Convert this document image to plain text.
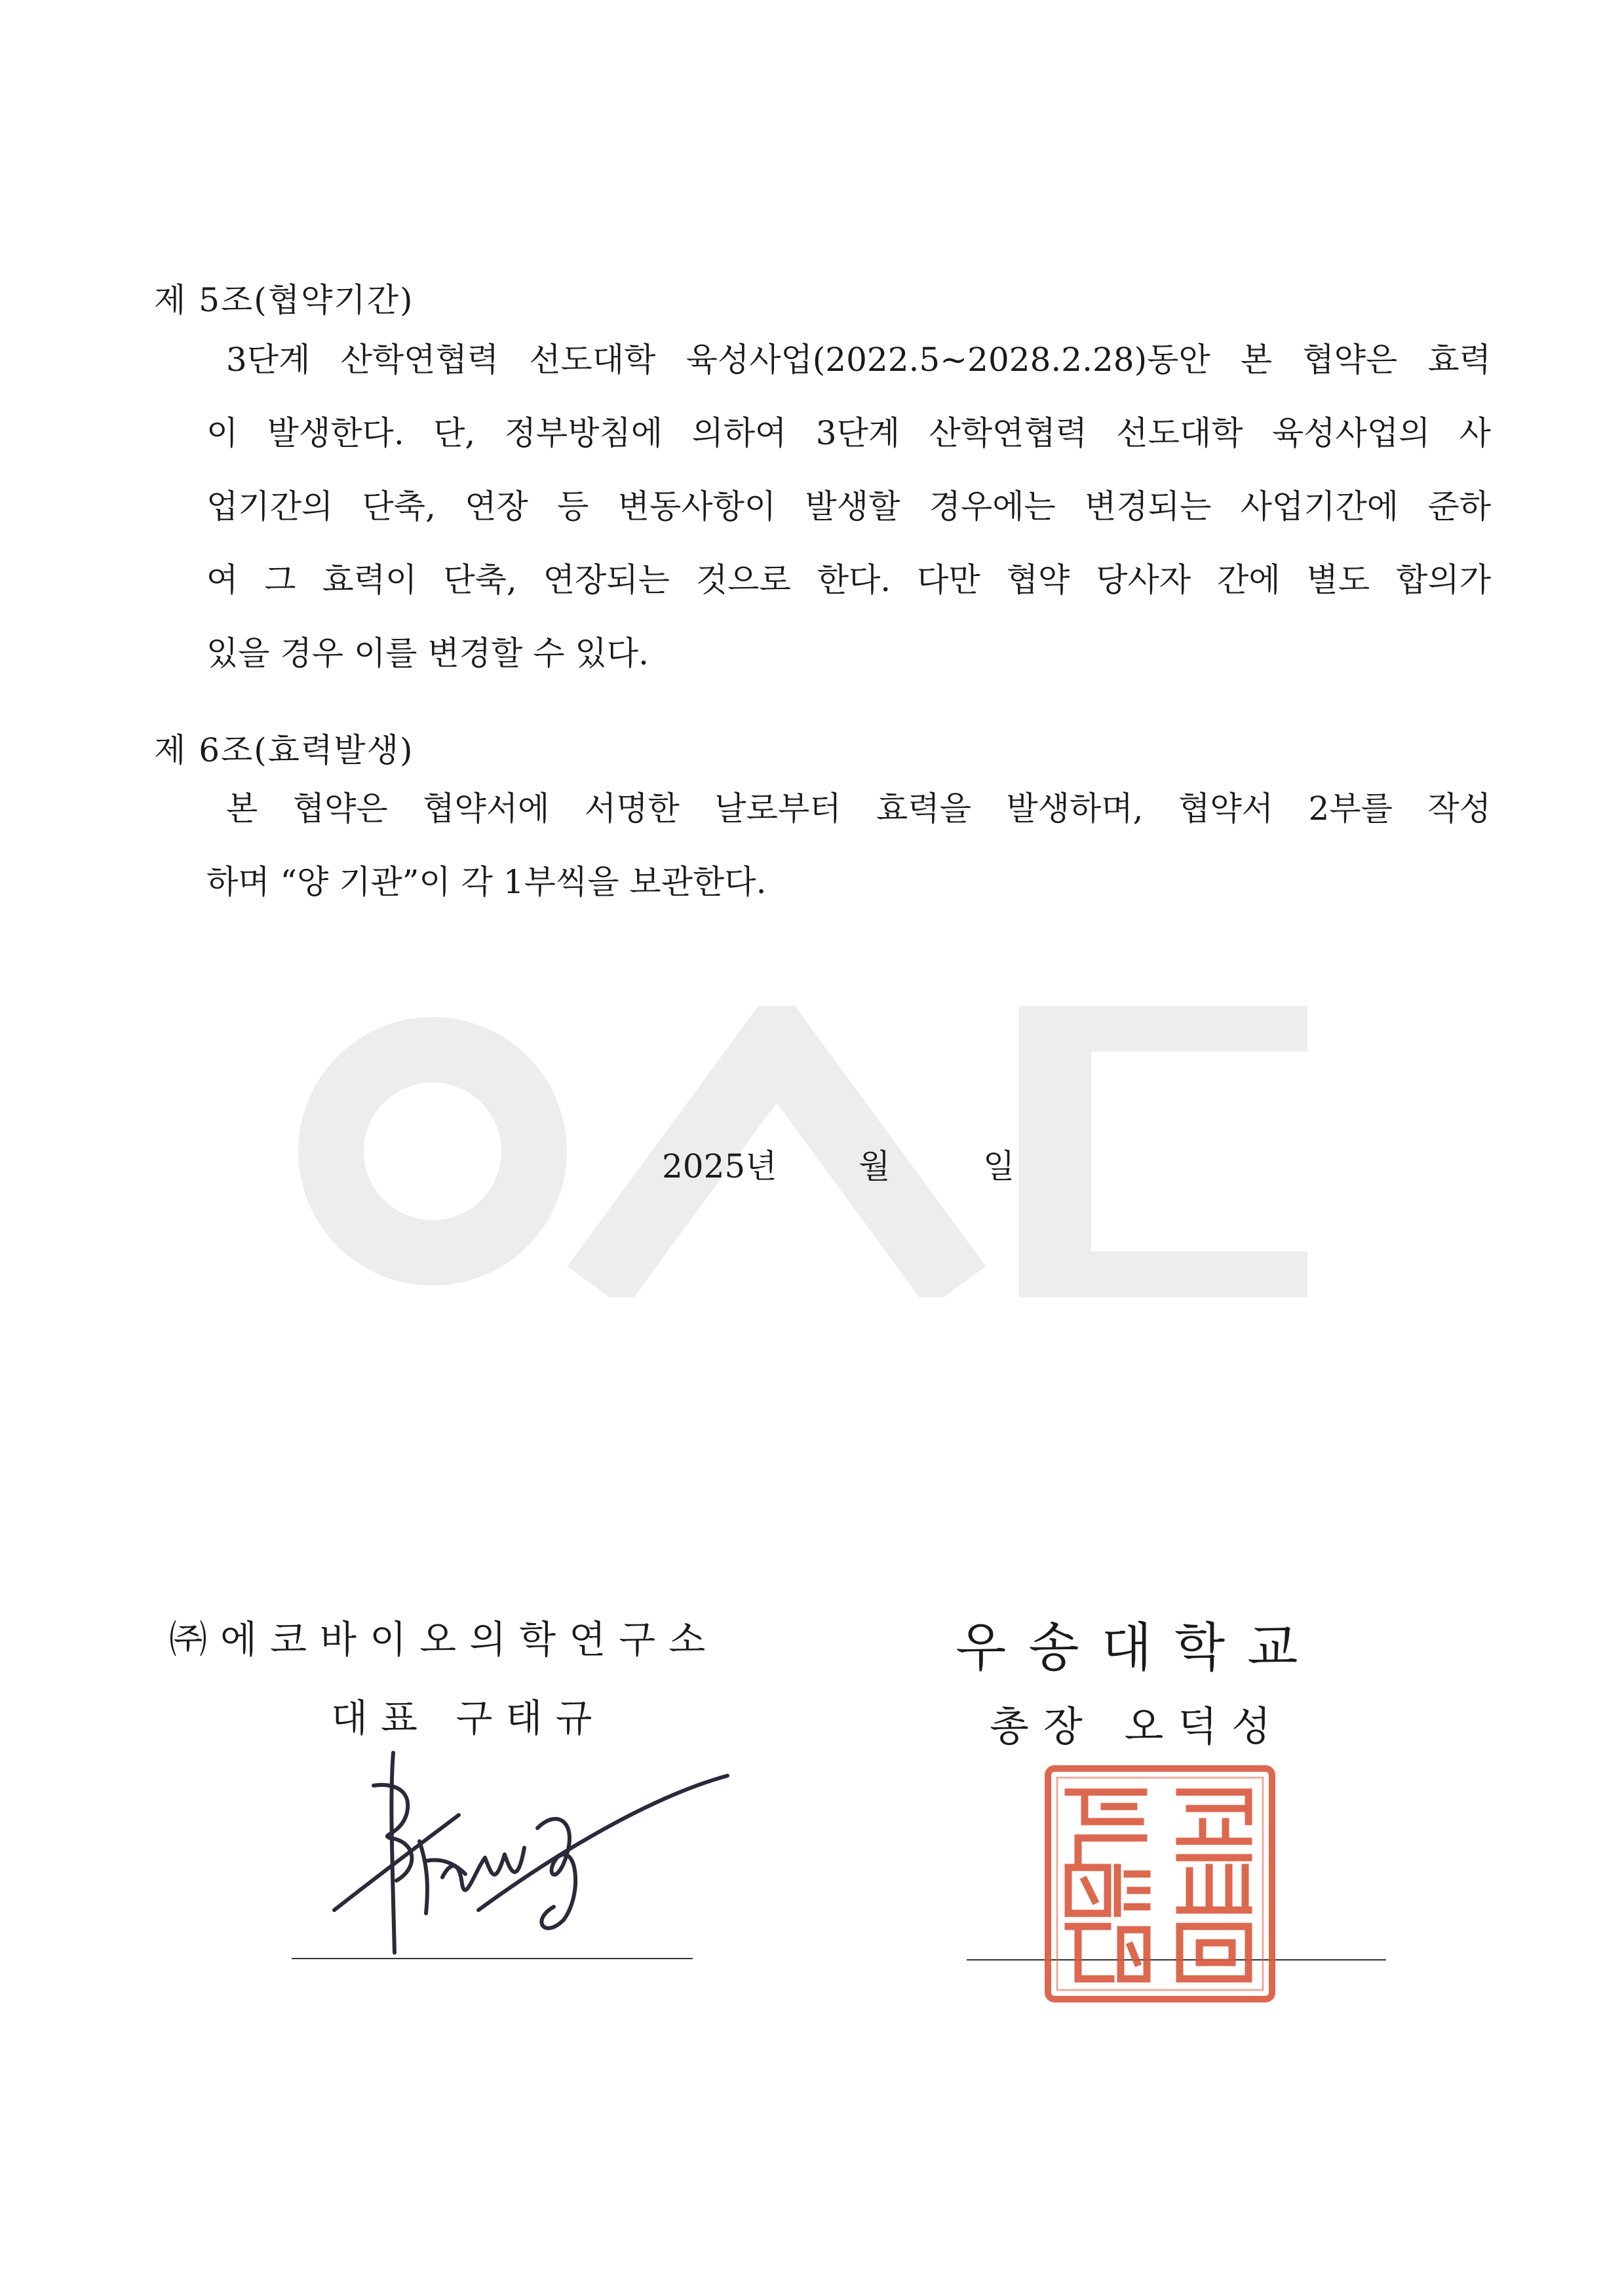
제 5조(협약기간)
3단계 산학연협력 선도대학 육성사업(2022.5~2028.2.28)동안 본 협약은 효력
이 발생한다. 단, 정부방침에 의하여 3단계 산학연협력 선도대학 육성사업의 사
업기간의 단축, 연장 등 변동사항이 발생할 경우에는 변경되는 사업기간에 준하
여 그 효력이 단축, 연장되는 것으로 한다. 다만 협약 당사자 간에 별도 합의가
있을 경우 이를 변경할 수 있다.
제 6조(효력발생)
본 협약은 협약서에 서명한 날로부터 효력을 발생하며, 협약서 2부를 작성
하며 “양 기관”이 각 1부씩을 보관한다.
2025년 월	일
㈜에코바이오의학연구소
대표 구태규
우송대학교
총장 오덕성
